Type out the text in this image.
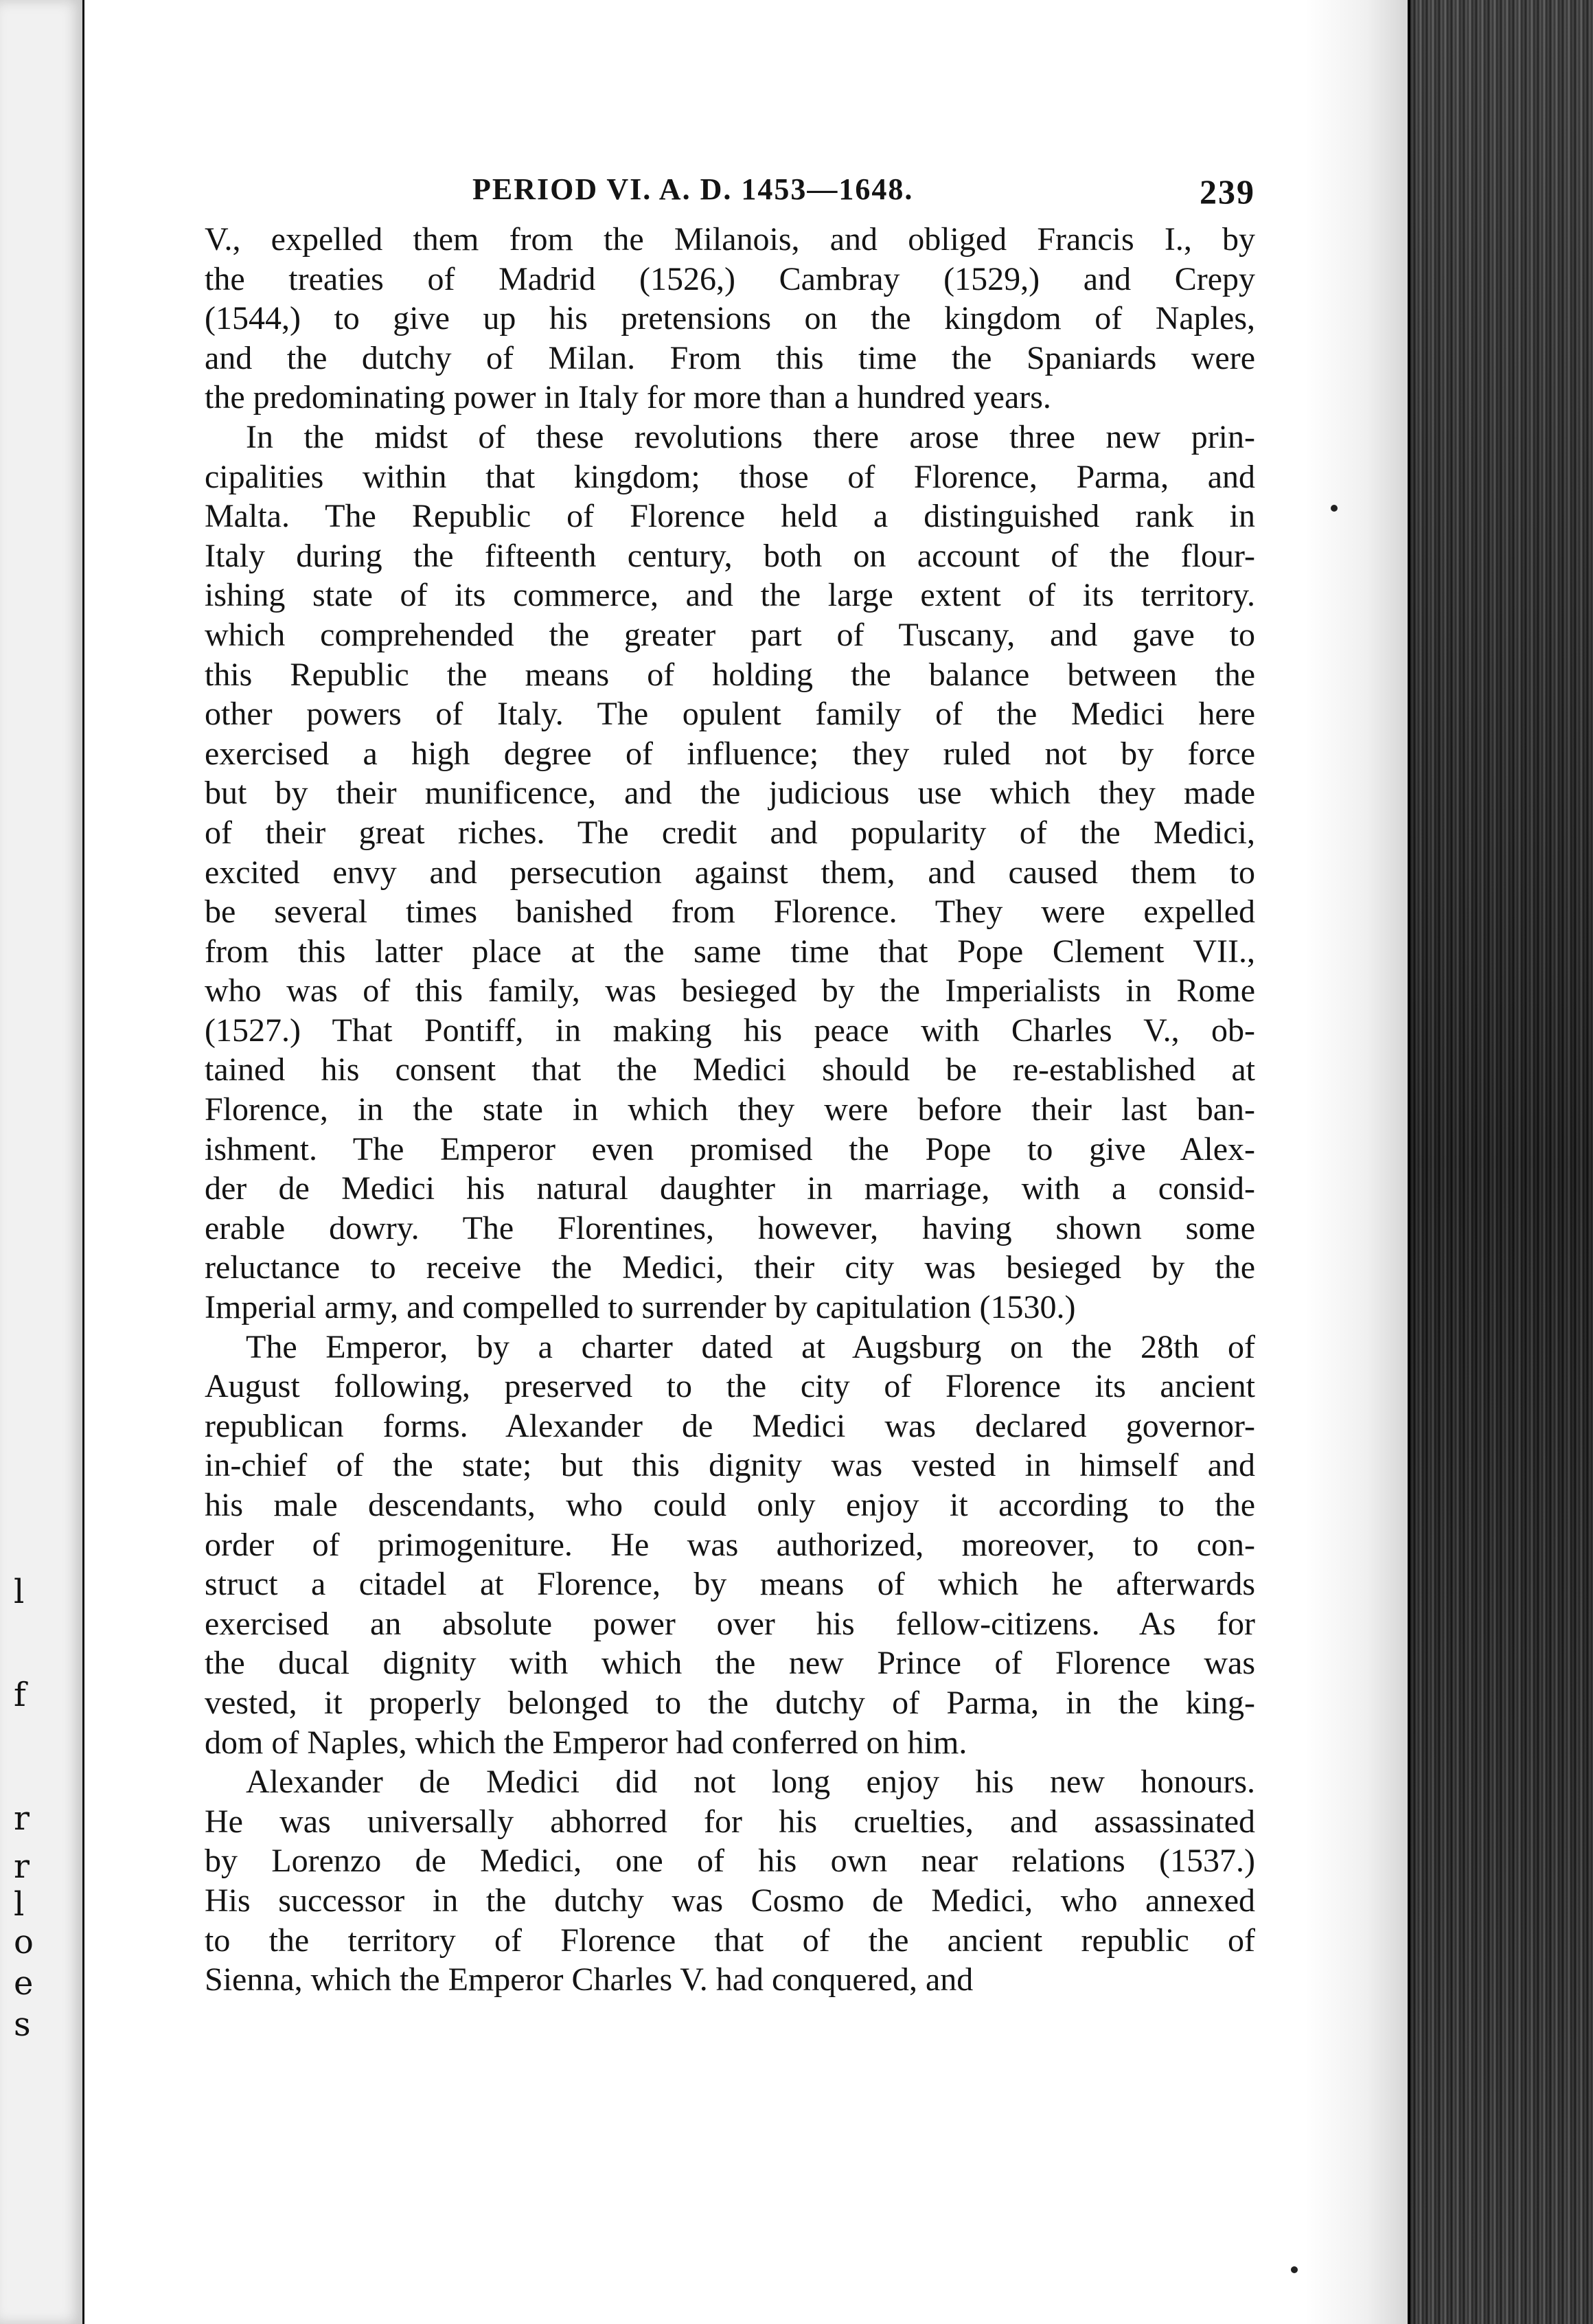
l
f
r
r
l
o
e
s
PERIOD VI. A. D. 1453—1648.	239
V., expelled them from the Milanois, and obliged Francis I., by
the treaties of Madrid (1526,) Cambray (1529,) and Crepy
(1544,) to give up his pretensions on the kingdom of Naples,
and the dutchy of Milan. From this time the Spaniards were
the predominating power in Italy for more than a hundred years.
In the midst of these revolutions there arose three new prin-
cipalities within that kingdom; those of Florence, Parma, and
Malta. The Republic of Florence held a distinguished rank in
Italy during the fifteenth century, both on account of the flour-
ishing state of its commerce, and the large extent of its territory.
which comprehended the greater part of Tuscany, and gave to
this Republic the means of holding the balance between the
other powers of Italy. The opulent family of the Medici here
exercised a high degree of influence; they ruled not by force
but by their munificence, and the judicious use which they made
of their great riches. The credit and popularity of the Medici,
excited envy and persecution against them, and caused them to
be several times banished from Florence. They were expelled
from this latter place at the same time that Pope Clement VII.,
who was of this family, was besieged by the Imperialists in Rome
(1527.) That Pontiff, in making his peace with Charles V., ob-
tained his consent that the Medici should be re-established at
Florence, in the state in which they were before their last ban-
ishment. The Emperor even promised the Pope to give Alex-
der de Medici his natural daughter in marriage, with a consid-
erable dowry. The Florentines, however, having shown some
reluctance to receive the Medici, their city was besieged by the
Imperial army, and compelled to surrender by capitulation (1530.)
The Emperor, by a charter dated at Augsburg on the 28th of
August following, preserved to the city of Florence its ancient
republican forms. Alexander de Medici was declared governor-
in-chief of the state; but this dignity was vested in himself and
his male descendants, who could only enjoy it according to the
order of primogeniture. He was authorized, moreover, to con-
struct a citadel at Florence, by means of which he afterwards
exercised an absolute power over his fellow-citizens. As for
the ducal dignity with which the new Prince of Florence was
vested, it properly belonged to the dutchy of Parma, in the king-
dom of Naples, which the Emperor had conferred on him.
Alexander de Medici did not long enjoy his new honours.
He was universally abhorred for his cruelties, and assassinated
by Lorenzo de Medici, one of his own near relations (1537.)
His successor in the dutchy was Cosmo de Medici, who annexed
to the territory of Florence that of the ancient republic of
Sienna, which the Emperor Charles V. had conquered, and
